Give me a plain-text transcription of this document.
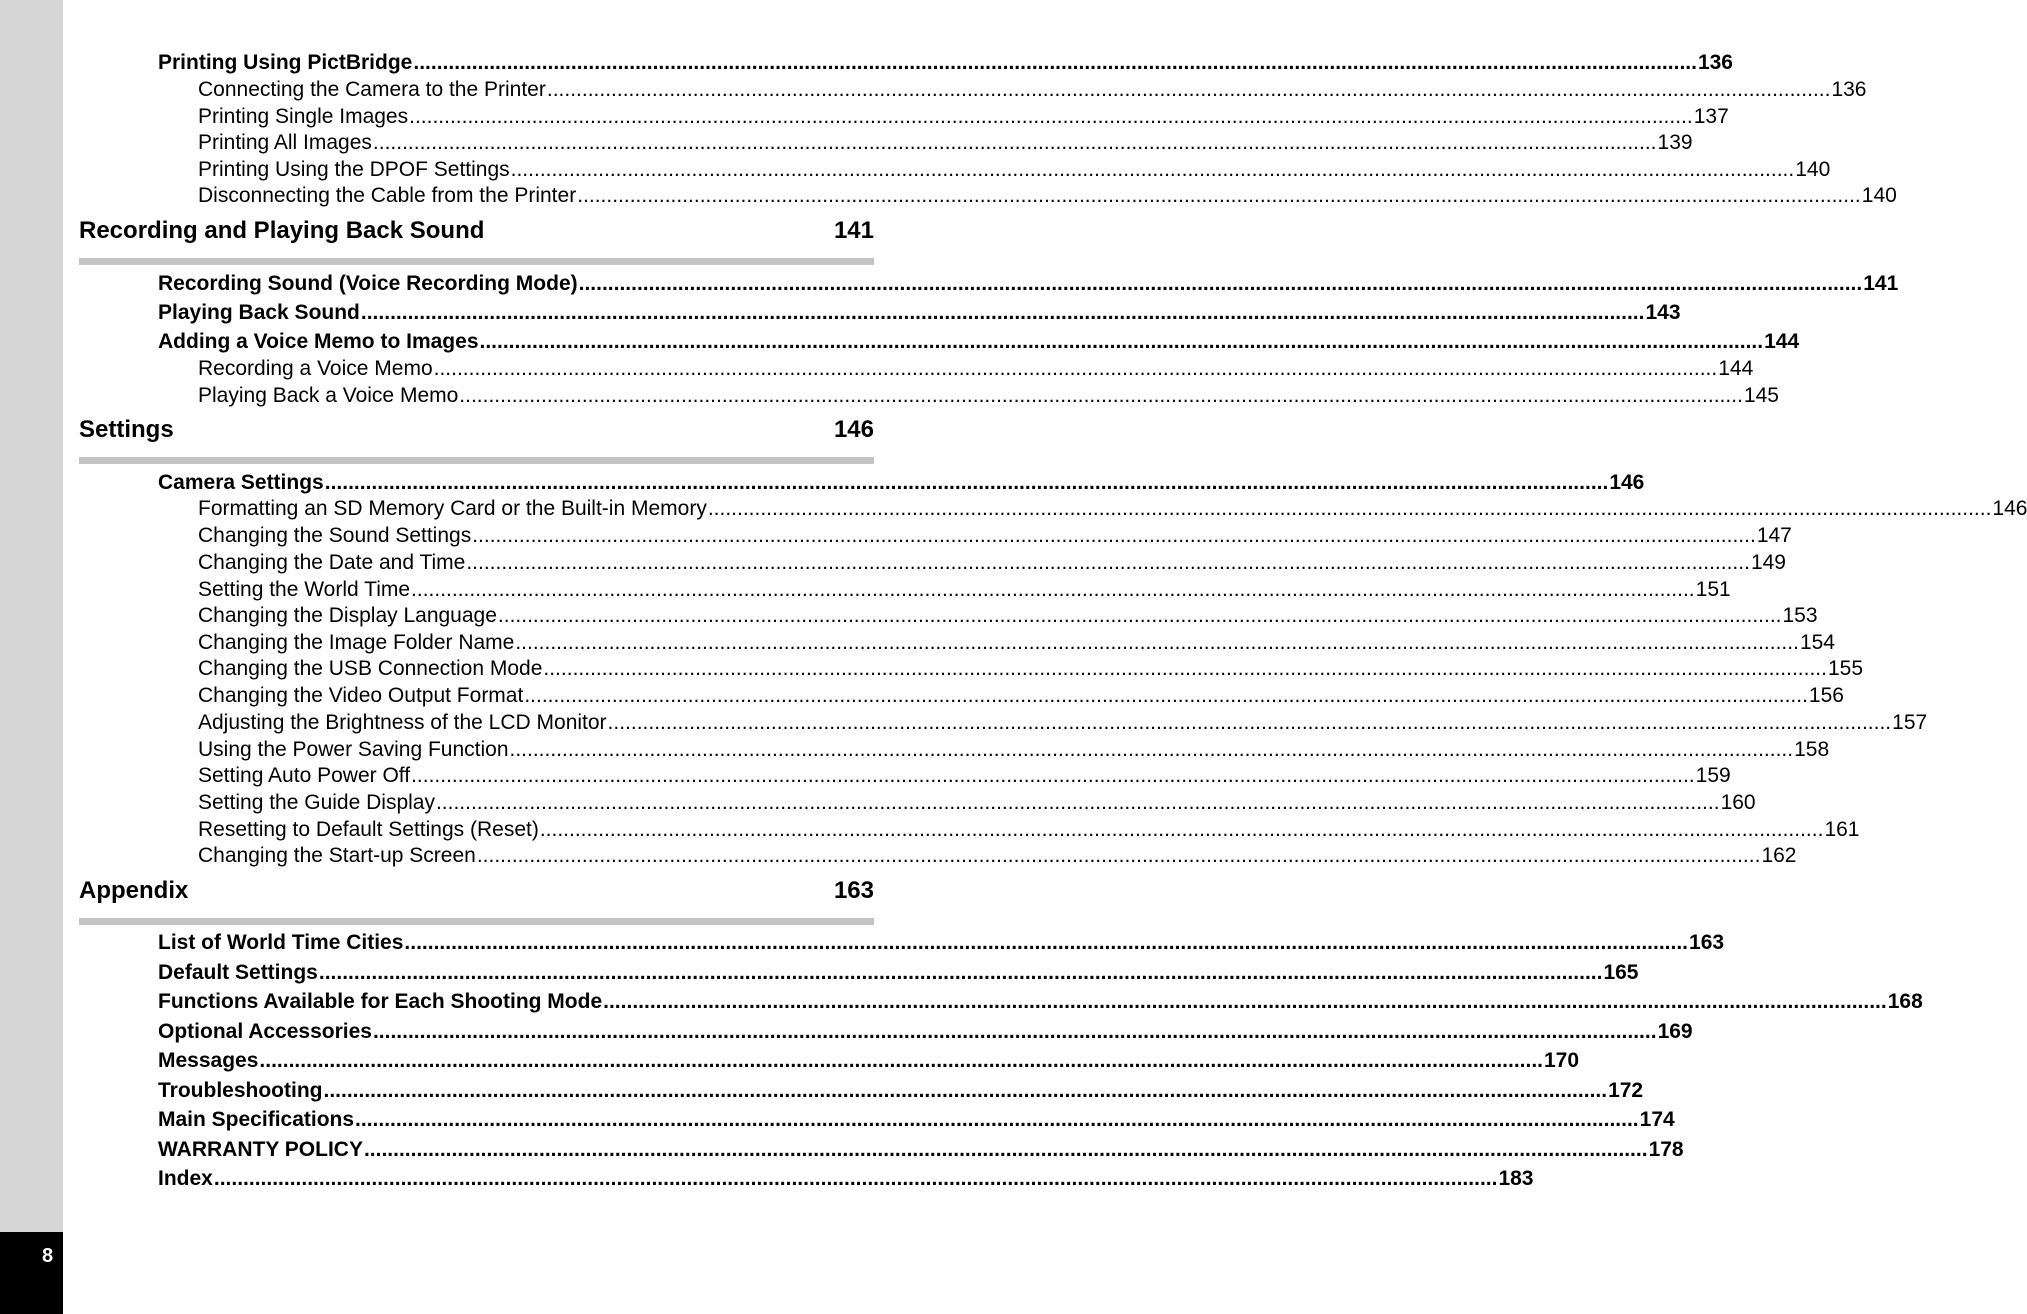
8
Printing Using PictBridge ............................................................................................................................................................................................................................ 136
Connecting the Camera to the Printer ............................................................................................................................................................................................................................ 136
Printing Single Images ............................................................................................................................................................................................................................ 137
Printing All Images ............................................................................................................................................................................................................................ 139
Printing Using the DPOF Settings ............................................................................................................................................................................................................................ 140
Disconnecting the Cable from the Printer ............................................................................................................................................................................................................................ 140
Recording and Playing Back Sound	141
Recording Sound (Voice Recording Mode) ............................................................................................................................................................................................................................ 141
Playing Back Sound ............................................................................................................................................................................................................................ 143
Adding a Voice Memo to Images ............................................................................................................................................................................................................................ 144
Recording a Voice Memo ............................................................................................................................................................................................................................ 144
Playing Back a Voice Memo ............................................................................................................................................................................................................................ 145
Settings	146
Camera Settings ............................................................................................................................................................................................................................ 146
Formatting an SD Memory Card or the Built-in Memory ............................................................................................................................................................................................................................ 146
Changing the Sound Settings ............................................................................................................................................................................................................................ 147
Changing the Date and Time ............................................................................................................................................................................................................................ 149
Setting the World Time ............................................................................................................................................................................................................................ 151
Changing the Display Language ............................................................................................................................................................................................................................ 153
Changing the Image Folder Name ............................................................................................................................................................................................................................ 154
Changing the USB Connection Mode ............................................................................................................................................................................................................................ 155
Changing the Video Output Format ............................................................................................................................................................................................................................ 156
Adjusting the Brightness of the LCD Monitor ............................................................................................................................................................................................................................ 157
Using the Power Saving Function ............................................................................................................................................................................................................................ 158
Setting Auto Power Off ............................................................................................................................................................................................................................ 159
Setting the Guide Display ............................................................................................................................................................................................................................ 160
Resetting to Default Settings (Reset) ............................................................................................................................................................................................................................ 161
Changing the Start-up Screen ............................................................................................................................................................................................................................ 162
Appendix	163
List of World Time Cities ............................................................................................................................................................................................................................ 163
Default Settings ............................................................................................................................................................................................................................ 165
Functions Available for Each Shooting Mode ............................................................................................................................................................................................................................ 168
Optional Accessories ............................................................................................................................................................................................................................ 169
Messages ............................................................................................................................................................................................................................ 170
Troubleshooting ............................................................................................................................................................................................................................ 172
Main Specifications ............................................................................................................................................................................................................................ 174
WARRANTY POLICY ............................................................................................................................................................................................................................ 178
Index ............................................................................................................................................................................................................................ 183
